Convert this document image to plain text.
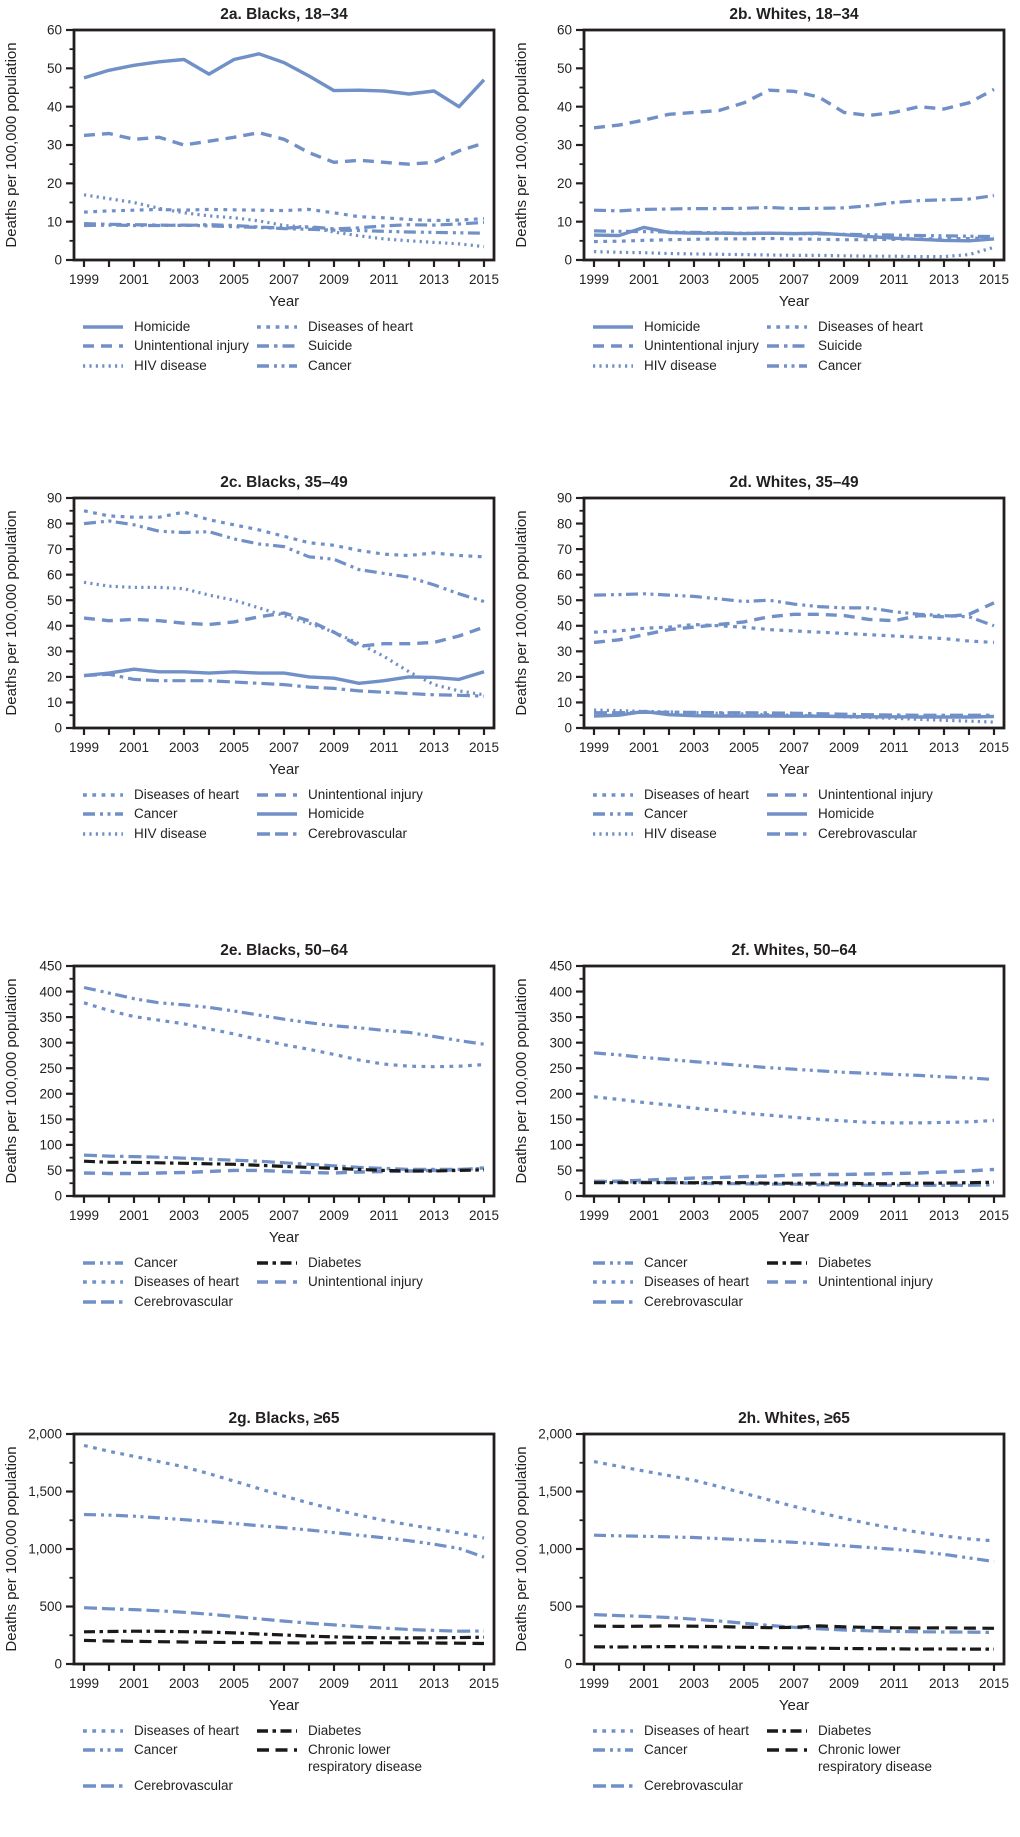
2a. Blacks, 18–34
0
10
20
30
40
50
60
1999 2001 2003 2005 2007 2009 2011 2013 2015
Deaths per 100,000 population
Year
Homicide	Diseases of heart
Unintentional injury	Suicide
HIV disease	Cancer
2b. Whites, 18–34
0
10
20
30
40
50
60
1999 2001 2003 2005 2007 2009 2011 2013 2015
Deaths per 100,000 population
Year
Homicide	Diseases of heart
Unintentional injury	Suicide
HIV disease	Cancer
2c. Blacks, 35–49
0
10
20
30
40
50
60
70
80
90
1999 2001 2003 2005 2007 2009 2011 2013 2015
Deaths per 100,000 population
Year
Diseases of heart	Unintentional injury
Cancer	Homicide
HIV disease	Cerebrovascular
2d. Whites, 35–49
0
10
20
30
40
50
60
70
80
90
1999 2001 2003 2005 2007 2009 2011 2013 2015
Deaths per 100,000 population
Year
Diseases of heart	Unintentional injury
Cancer	Homicide
HIV disease	Cerebrovascular
2e. Blacks, 50–64
0
50
100
150
200
250
300
350
400
450
1999 2001 2003 2005 2007 2009 2011 2013 2015
Deaths per 100,000 population
Year
Cancer	Diabetes
Diseases of heart	Unintentional injury
Cerebrovascular
2f. Whites, 50–64
0
50
100
150
200
250
300
350
400
450
1999 2001 2003 2005 2007 2009 2011 2013 2015
Deaths per 100,000 population
Year
Cancer	Diabetes
Diseases of heart	Unintentional injury
Cerebrovascular
2g. Blacks, ≥65
0
500
1,000
1,500
2,000
1999 2001 2003 2005 2007 2009 2011 2013 2015
Deaths per 100,000 population
Year
Diseases of heart	Diabetes
Cancer	Chronic lower respiratory disease
Cerebrovascular
2h. Whites, ≥65
0
500
1,000
1,500
2,000
1999 2001 2003 2005 2007 2009 2011 2013 2015
Deaths per 100,000 population
Year
Diseases of heart	Diabetes
Cancer	Chronic lower respiratory disease
Cerebrovascular
